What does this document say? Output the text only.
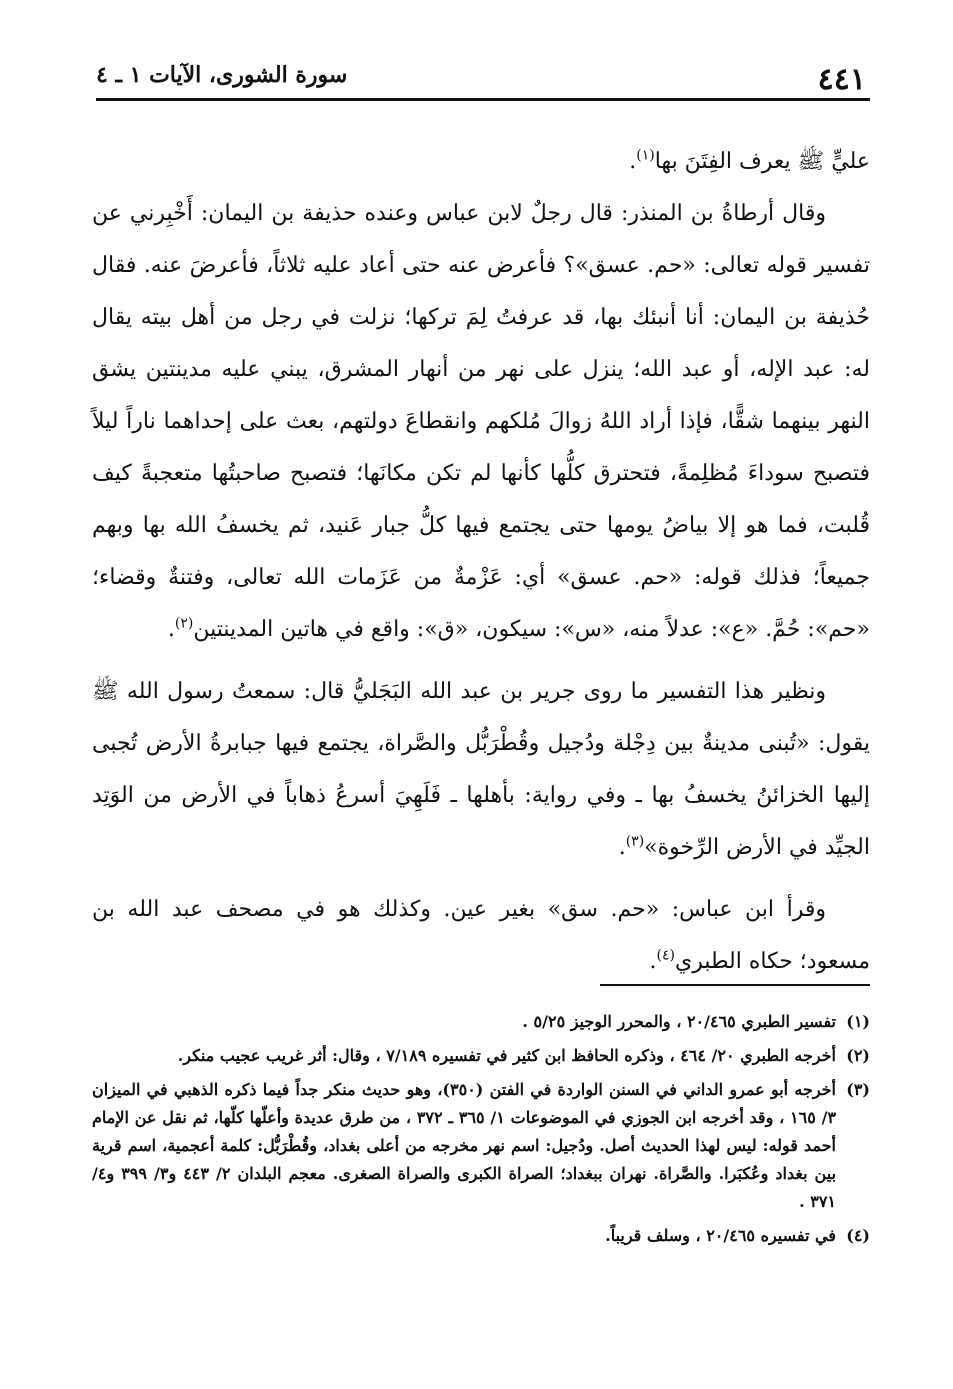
٤٤١
سورة الشورى، الآيات ١ ـ ٤

عليٍّ ﷺ يعرف الفِتَنَ بها$^{(١)}$.

وقال أرطاةُ بن المنذر: قال رجلٌ لابن عباس وعنده حذيفة بن اليمان: أَخْبِرني عن تفسير قوله تعالى: «حم. عسق»؟ فأعرض عنه حتى أعاد عليه ثلاثاً، فأعرضَ عنه. فقال حُذيفة بن اليمان: أنا أنبئك بها، قد عرفتُ لِمَ تركها؛ نزلت في رجل من أهل بيته يقال له: عبد الإله، أو عبد الله؛ ينزل على نهر من أنهار المشرق، يبني عليه مدينتين يشق النهر بينهما شقًّا، فإذا أراد اللهُ زوالَ مُلكهم وانقطاعَ دولتهم، بعث على إحداهما ناراً ليلاً فتصبح سوداءَ مُظلِمةً، فتحترق كلُّها كأنها لم تكن مكانَها؛ فتصبح صاحبتُها متعجبةً كيف قُلبت، فما هو إلا بياضُ يومها حتى يجتمع فيها كلُّ جبار عَنيد، ثم يخسفُ الله بها وبهم جميعاً؛ فذلك قوله: «حم. عسق» أي: عَزْمةٌ من عَزَمات الله تعالى، وفتنةٌ وقضاء؛ «حم»: حُمَّ. «ع»: عدلاً منه، «س»: سيكون، «ق»: واقع في هاتين المدينتين$^{(٢)}$.

ونظير هذا التفسير ما روى جرير بن عبد الله البَجَليُّ قال: سمعتُ رسول الله ﷺ يقول: «تُبنى مدينةٌ بين دِجْلة ودُجيل وقُطْرَبُّل والصَّراة، يجتمع فيها جبابرةُ الأرض تُجبى إليها الخزائنُ يخسفُ بها ـ وفي رواية: بأهلها ـ فَلَهِيَ أسرعُ ذهاباً في الأرض من الوَتِد الجيِّد في الأرض الرِّخوة»$^{(٣)}$.

وقرأ ابن عباس: «حم. سق» بغير عين. وكذلك هو في مصحف عبد الله بن مسعود؛ حكاه الطبري$^{(٤)}$.

(١)
تفسير الطبري ٢٠/٤٦٥ ، والمحرر الوجيز ٥/٢٥ .
(٢)
أخرجه الطبري ٢٠/ ٤٦٤ ، وذكره الحافظ ابن كثير في تفسيره ٧/١٨٩ ، وقال: أثر غريب عجيب منكر.
(٣)
أخرجه أبو عمرو الداني في السنن الواردة في الفتن (٣٥٠)، وهو حديث منكر جداً فيما ذكره الذهبي في الميزان ٣/ ١٦٥ ، وقد أخرجه ابن الجوزي في الموضوعات ١/ ٣٦٥ ـ ٣٧٢ ، من طرق عديدة وأعلّها كلّها، ثم نقل عن الإمام أحمد قوله: ليس لهذا الحديث أصل. ودُجيل: اسم نهر مخرجه من أعلى بغداد، وقُطْرَبُّل: كلمة أعجمية، اسم قرية بين بغداد وعُكبَرا. والصَّراة. نهران ببغداد؛ الصراة الكبرى والصراة الصغرى. معجم البلدان ٢/ ٤٤٣ و٣/ ٣٩٩ و٤/ ٣٧١ .
(٤)
في تفسيره ٢٠/٤٦٥ ، وسلف قريباً.
